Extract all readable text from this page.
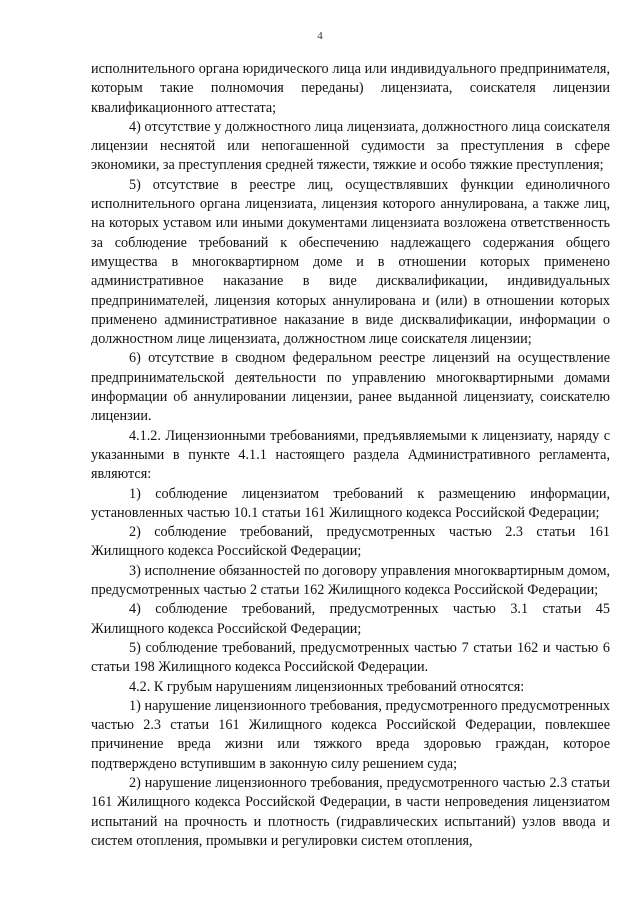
4

исполнительного органа юридического лица или индивидуального предпринимателя, которым такие полномочия переданы) лицензиата, соискателя лицензии квалификационного аттестата;

4) отсутствие у должностного лица лицензиата, должностного лица соискателя лицензии неснятой или непогашенной судимости за преступления в сфере экономики, за преступления средней тяжести, тяжкие и особо тяжкие преступления;

5) отсутствие в реестре лиц, осуществлявших функции единоличного исполнительного органа лицензиата, лицензия которого аннулирована, а также лиц, на которых уставом или иными документами лицензиата возложена ответственность за соблюдение требований к обеспечению надлежащего содержания общего имущества в многоквартирном доме и в отношении которых применено административное наказание в виде дисквалификации, индивидуальных предпринимателей, лицензия которых аннулирована и (или) в отношении которых применено административное наказание в виде дисквалификации, информации о должностном лице лицензиата, должностном лице соискателя лицензии;

6) отсутствие в сводном федеральном реестре лицензий на осуществление предпринимательской деятельности по управлению многоквартирными домами информации об аннулировании лицензии, ранее выданной лицензиату, соискателю лицензии.

4.1.2. Лицензионными требованиями, предъявляемыми к лицензиату, наряду с указанными в пункте 4.1.1 настоящего раздела Административного регламента, являются:

1) соблюдение лицензиатом требований к размещению информации, установленных частью 10.1 статьи 161 Жилищного кодекса Российской Федерации;

2) соблюдение требований, предусмотренных частью 2.3 статьи 161 Жилищного кодекса Российской Федерации;

3) исполнение обязанностей по договору управления многоквартирным домом, предусмотренных частью 2 статьи 162 Жилищного кодекса Российской Федерации;

4) соблюдение требований, предусмотренных частью 3.1 статьи 45 Жилищного кодекса Российской Федерации;

5) соблюдение требований, предусмотренных частью 7 статьи 162 и частью 6 статьи 198 Жилищного кодекса Российской Федерации.

4.2. К грубым нарушениям лицензионных требований относятся:

1) нарушение лицензионного требования, предусмотренного предусмотренных частью 2.3 статьи 161 Жилищного кодекса Российской Федерации, повлекшее причинение вреда жизни или тяжкого вреда здоровью граждан, которое подтверждено вступившим в законную силу решением суда;

2) нарушение лицензионного требования, предусмотренного частью 2.3 статьи 161 Жилищного кодекса Российской Федерации, в части непроведения лицензиатом испытаний на прочность и плотность (гидравлических испытаний) узлов ввода и систем отопления, промывки и регулировки систем отопления,
